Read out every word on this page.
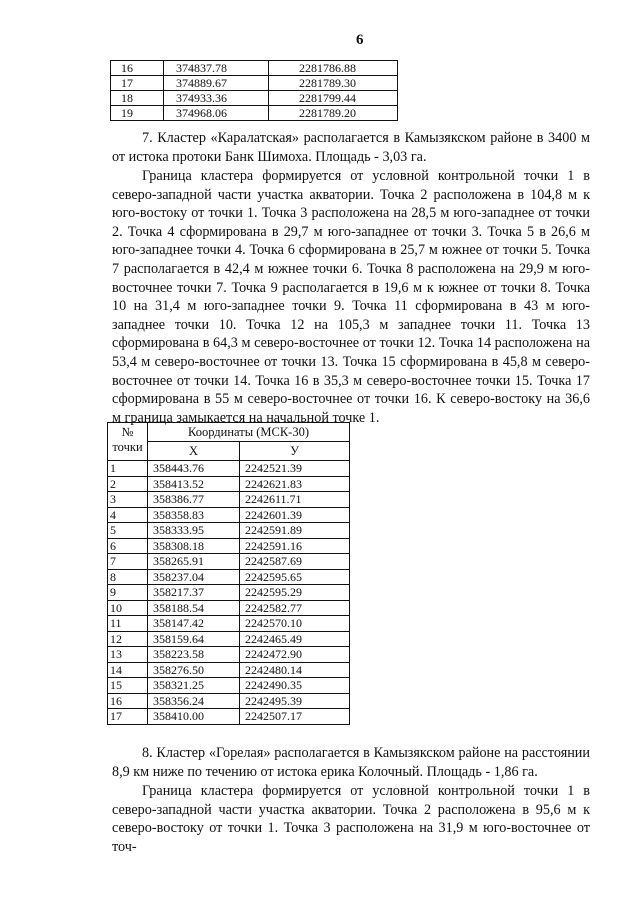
6
16	374837.78	2281786.88
17	374889.67	2281789.30
18	374933.36	2281799.44
19	374968.06	2281789.20

7. Кластер «Каралатская» располагается в Камызякском районе в 3400 м от истока протоки Банк Шимоха. Площадь - 3,03 га.

Граница кластера формируется от условной контрольной точки 1 в северо-западной части участка акватории. Точка 2 расположена в 104,8 м к юго-востоку от точки 1. Точка 3 расположена на 28,5 м юго-западнее от точки 2. Точка 4 сформирована в 29,7 м юго-западнее от точки 3. Точка 5 в 26,6 м юго-западнее точки 4. Точка 6 сформирована в 25,7 м южнее от точки 5. Точка 7 располагается в 42,4 м южнее точки 6. Точка 8 расположена на 29,9 м юго-восточнее точки 7. Точка 9 располагается в 19,6 м к южнее от точки 8. Точка 10 на 31,4 м юго-западнее точки 9. Точка 11 сформирована в 43 м юго-западнее точки 10. Точка 12 на 105,3 м западнее точки 11. Точка 13 сформирована в 64,3 м северо-восточнее от точки 12. Точка 14 расположена на 53,4 м северо-восточнее от точки 13. Точка 15 сформирована в 45,8 м северо-восточнее от точки 14. Точка 16 в 35,3 м северо-восточнее точки 15. Точка 17 сформирована в 55 м северо-восточнее от точки 16. К северо-востоку на 36,6 м граница замыкается на начальной точке 1.

№ точки	Координаты (МСК-30)	
	Х	У
1	358443.76	2242521.39
2	358413.52	2242621.83
3	358386.77	2242611.71
4	358358.83	2242601.39
5	358333.95	2242591.89
6	358308.18	2242591.16
7	358265.91	2242587.69
8	358237.04	2242595.65
9	358217.37	2242595.29
10	358188.54	2242582.77
11	358147.42	2242570.10
12	358159.64	2242465.49
13	358223.58	2242472.90
14	358276.50	2242480.14
15	358321.25	2242490.35
16	358356.24	2242495.39
17	358410.00	2242507.17

8. Кластер «Горелая» располагается в Камызякском районе на расстоянии 8,9 км ниже по течению от истока ерика Колочный. Площадь - 1,86 га.

Граница кластера формируется от условной контрольной точки 1 в северо-западной части участка акватории. Точка 2 расположена в 95,6 м к северо-востоку от точки 1. Точка 3 расположена на 31,9 м юго-восточнее от точ-
